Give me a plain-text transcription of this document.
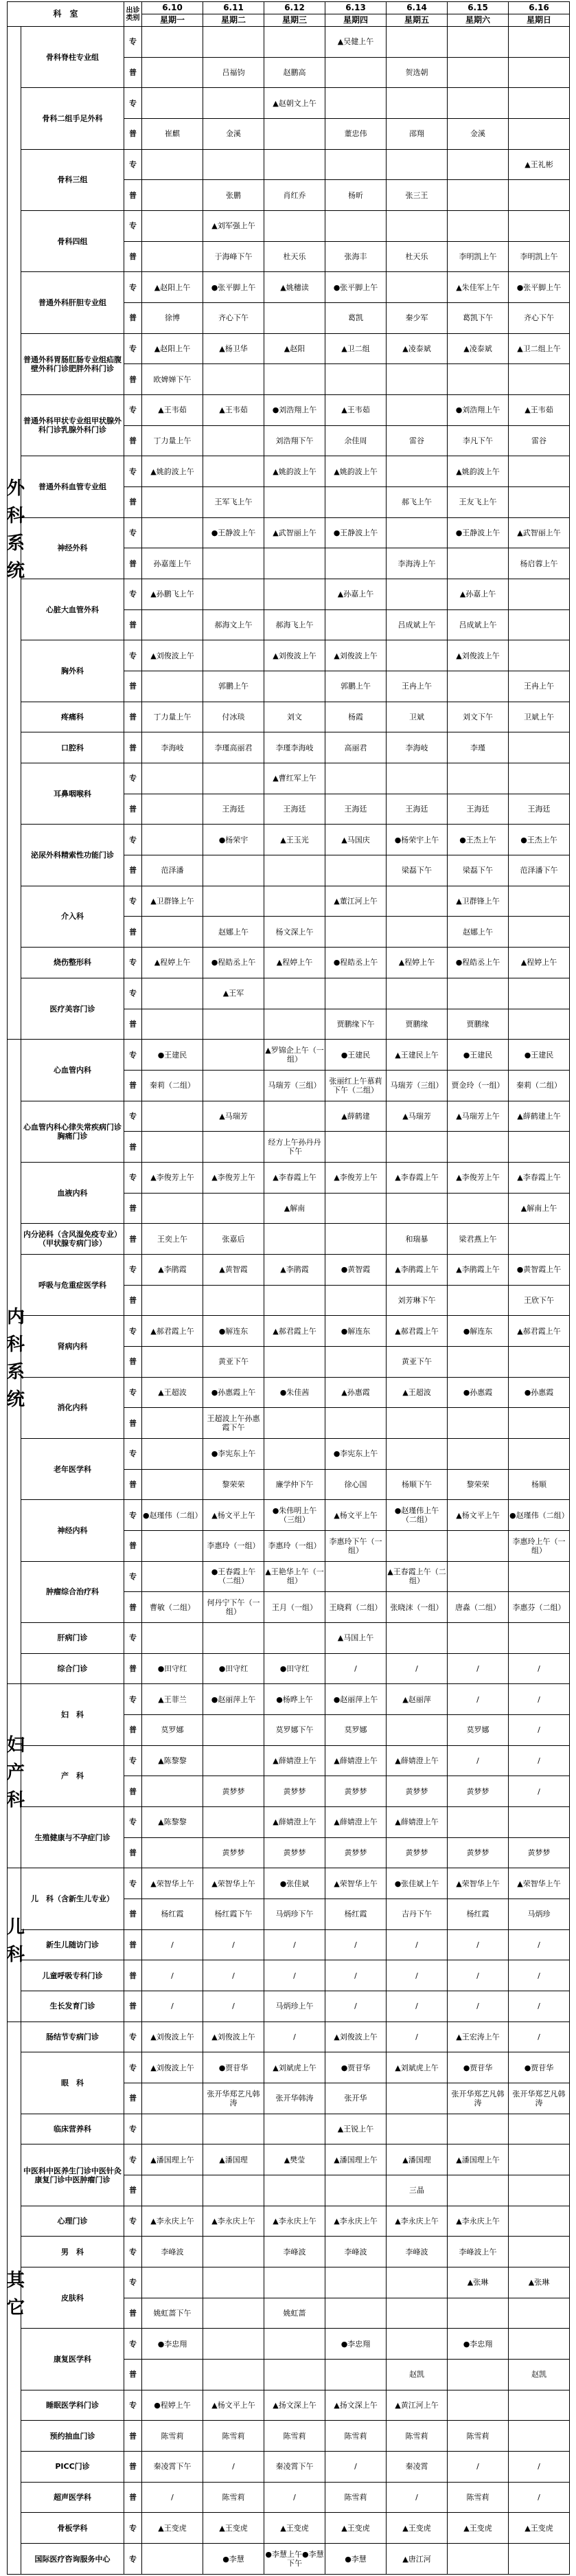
科　室		出诊类别	6.10	6.11	6.12	6.13	6.14	6.15	6.16
			星期一	星期二	星期三	星期四	星期五	星期六	星期日
外科系统	骨科脊柱专业组	专				▲吴健上午			
		普		吕福钧	赵鹏高		贺选朝		
	骨科二组手足外科	专			▲赵朝文上午				
		普	崔麒	金溪		董忠伟	邵翔	金溪	
	骨科三组	专							▲王礼彬
		普		张鹏	肖红乔	杨昕	张三王		
	骨科四组	专		▲刘军强上午					
		普		于海峰下午	杜天乐	张海丰	杜天乐	李明凯上午	李明凯上午
	普通外科肝胆专业组	专	▲赵阳上午	●张平脚上午	▲姚穗读	●张平脚上午		▲朱佳军上午	●张平脚上午
		普	徐博	齐心下午		葛凯	秦少军	葛凯下午	齐心下午
	普通外科胃肠肛肠专业组疝腹壁外科门诊肥胖外科门诊	专	▲赵阳上午	▲杨卫华	▲赵阳	▲卫二组	▲凌泰斌	▲凌泰斌	▲卫二组上午
		普	欧婢婵下午						
	普通外科甲状专业组甲状腺外科门诊乳腺外科门诊	专	▲王韦茹	▲王韦茹	●刘浩翔上午	▲王韦茹		●刘浩翔上午	▲王韦茹
		普	丁力量上午		刘浩翔下午	余佳周	雷谷	李凡下午	雷谷
	普通外科血管专业组	专	▲姚韵波上午		▲姚韵波上午	▲姚韵波上午		▲姚韵波上午	
		普		王军飞上午			郝飞上午	王友飞上午	
	神经外科	专		●王静波上午	▲武智丽上午	●王静波上午		●王静波上午	▲武智丽上午
		普	孙嘉莲上午				李海涛上午		杨启蓉上午
	心脏大血管外科	专	▲孙鹏飞上午			▲孙嘉上午		▲孙嘉上午	
		普		郝海文上午	郝海飞上午		吕成斌上午	吕成斌上午	
	胸外科	专	▲刘俊波上午		▲刘俊波上午	▲刘俊波上午		▲刘俊波上午	
		普		郭鹏上午		郭鹏上午	王冉上午		王冉上午
	疼痛科	普	丁力量上午	付冰琰	刘文	杨霞	卫斌	刘文下午	卫斌上午
	口腔科	普	李海岐	李瑾高丽君	李瑾李海岐	高丽君	李海岐	李瑾	
	耳鼻咽喉科	专			▲曹红军上午				
		普		王海廷	王海廷	王海廷	王海廷	王海廷	王海廷
	泌尿外科精索性功能门诊	专		●杨荣宇	▲王玉光	▲马国庆	●杨荣宇上午	●王杰上午	●王杰上午
		普	范泽潘				梁磊下午	梁磊下午	范泽潘下午
	介入科	专	▲卫群锋上午			▲董江河上午		▲卫群锋上午	
		普		赵娜上午	杨文深上午			赵娜上午	
	烧伤整形科	专	▲程婷上午	●程皓丞上午	▲程婷上午	●程皓丞上午	▲程婷上午	●程皓丞上午	▲程婷上午
	医疗美容门诊	专		▲王军					
		普				贾鹏缘下午	贾鹏缘	贾鹏缘	
内科系统	心血管内科	专	●王建民		▲罗锦企上午（一组）	●王建民	▲王建民上午	●王建民	●王建民
		普	秦莉（二组）		马瑞芳（三组）	张丽红上午慕莉下午（二组）	马瑞芳（三组）	贾金玲（一组）	秦莉（二组）
	心血管内科心律失常疾病门诊胸痛门诊	专		▲马瑞芳		▲薛鹤建	▲马瑞芳	▲马瑞芳上午	▲薛鹤建上午
		普			经方上午孙丹丹下午				
	血液内科	专	▲李俊芳上午	▲李俊芳上午	▲李春霞上午	▲李俊芳上午	▲李春霞上午	▲李俊芳上午	▲李春霞上午
		普			▲解南				▲解南上午
	内分泌科（含风湿免疫专业）（甲状腺专病门诊）	普	王奕上午	张嘉后			和瑞暴	梁君燕上午	
	呼吸与危重症医学科	专	▲李鹃霞	▲黄智霞	▲李鹃霞	●黄智霞	▲李鹃霞上午	▲李鹃霞上午	●黄智霞上午
		普					刘芳琳下午		王欣下午
	肾病内科	专	▲郝君霞上午	●解连东	▲郝君霞上午	●解连东	▲郝君霞上午	●解连东	▲郝君霞上午
		普		黄亚下午			黄亚下午		
	消化内科	专	▲王超波	●孙惠霞上午	●朱佳茜	▲孙惠霞	▲王超波	●孙惠霞	●孙惠霞
		普		王超波上午孙惠霞下午					
	老年医学科	专		●李宪东上午		●李宪东上午			
		普		黎荣荣	廉学仲下午	徐心国	杨顺下午	黎荣荣	杨顺
	神经内科	专	●赵瑾伟（二组）	▲杨文平上午	●朱伟明上午（三组）	▲杨文平上午	●赵瑾伟上午（二组）	▲杨文平上午	●赵瑾伟（二组）
		普		李惠玲（一组）	李惠玲（一组）	李惠玲下午（一组）			李惠玲上午（一组）
	肿瘤综合治疗科	专		●王春霞上午（二组）	▲王艳华上午（一组）		▲王春霞上午（二组）		
		普	曹敏（二组）	何丹宁下午（一组）	王月（一组）	王晓莉（二组）	张晓沫（一组）	唐淼（二组）	李惠芬（二组）
	肝病门诊	专				▲马国上午			
	综合门诊	普	●田守红	●田守红	●田守红	/	/	/	/
妇产科	妇　科	专	▲王菲兰	●赵丽萍上午	●杨晔上午	●赵丽萍上午	▲赵丽萍	/	/
		普	莫罗娜		莫罗娜下午	莫罗娜		莫罗娜	/
	产　科	专	▲陈黎黎		▲薛婧澄上午	▲薛婧澄上午	▲薛婧澄上午	/	/
		普		黄梦梦	黄梦梦	黄梦梦	黄梦梦	黄梦梦	/
	生殖健康与不孕症门诊	专	▲陈黎黎		▲薛婧澄上午	▲薛婧澄上午	▲薛婧澄上午		
		普		黄梦梦	黄梦梦	黄梦梦	黄梦梦	黄梦梦	黄梦梦
儿科	儿　科（含新生儿专业）	专	▲荣智华上午	▲荣智华上午	●张佳斌	▲荣智华上午	●张佳斌上午	▲荣智华上午	▲荣智华上午
		普	杨红霞	杨红霞下午	马炳珍下午	杨红霞	吉丹下午	杨红霞	马炳珍
	新生儿随访门诊	普	/	/	/	/	/	/	/
	儿童呼吸专科门诊	普	/	/	/	/	/	/	/
	生长发育门诊	普	/	/	马炳珍上午	/	/	/	/
其它	肠结节专病门诊	专	▲刘俊波上午	▲刘俊波上午	/	▲刘俊波上午	/	▲王宏涛上午	/
	眼　科	专	▲刘俊波上午	●贾苷华	▲刘斌虎上午	●贾苷华	▲刘斌虎上午	●贾苷华	●贾苷华
		普		张开华郑艺凡韩涛	张开华韩涛	张开华		张开华郑艺凡韩涛	张开华郑艺凡韩涛
	临床营养科	专				▲王锐上午			
	中医科中医养生门诊中医针灸康复门诊中医肿瘤门诊	专	▲潘国理上午	▲潘国理	▲樊莹	▲潘国理上午	▲潘国理	▲潘国理上午	
		普					三晶		
	心理门诊	专	▲李永庆上午	▲李永庆上午	▲李永庆上午	▲李永庆上午	▲李永庆上午	▲李永庆上午	
	男　科	专	李峰波		李峰波	李峰波	李峰波	李峰波上午	
	皮肤科	专						▲张琳	▲张琳
		普	姚虹蔷下午		姚虹蔷				
	康复医学科	专	●李忠翔			●李忠翔		●李忠翔	
		普					赵凯		赵凯
	睡眠医学科门诊	专	●程婷上午	▲杨文平上午	▲扬文深上午	▲扬文深上午	▲黄江河上午		
	预约抽血门诊	普	陈雪莉	陈雪莉	陈雪莉	陈雪莉	陈雪莉	陈雪莉	
	PICC门诊	普	秦凌霄下午	/	秦凌霄下午	/	秦凌霄	/	/
	超声医学科	普	/	陈雪莉	/	陈雪莉	/	陈雪莉	/
	骨板学科	专	▲王变虎	▲王变虎	▲王变虎	▲王变虎	▲王变虎	▲王变虎	▲王变虎
	国际医疗咨询服务中心	专		●李慧	●李慧上午●李慧下午	●李慧	▲唐江河		
